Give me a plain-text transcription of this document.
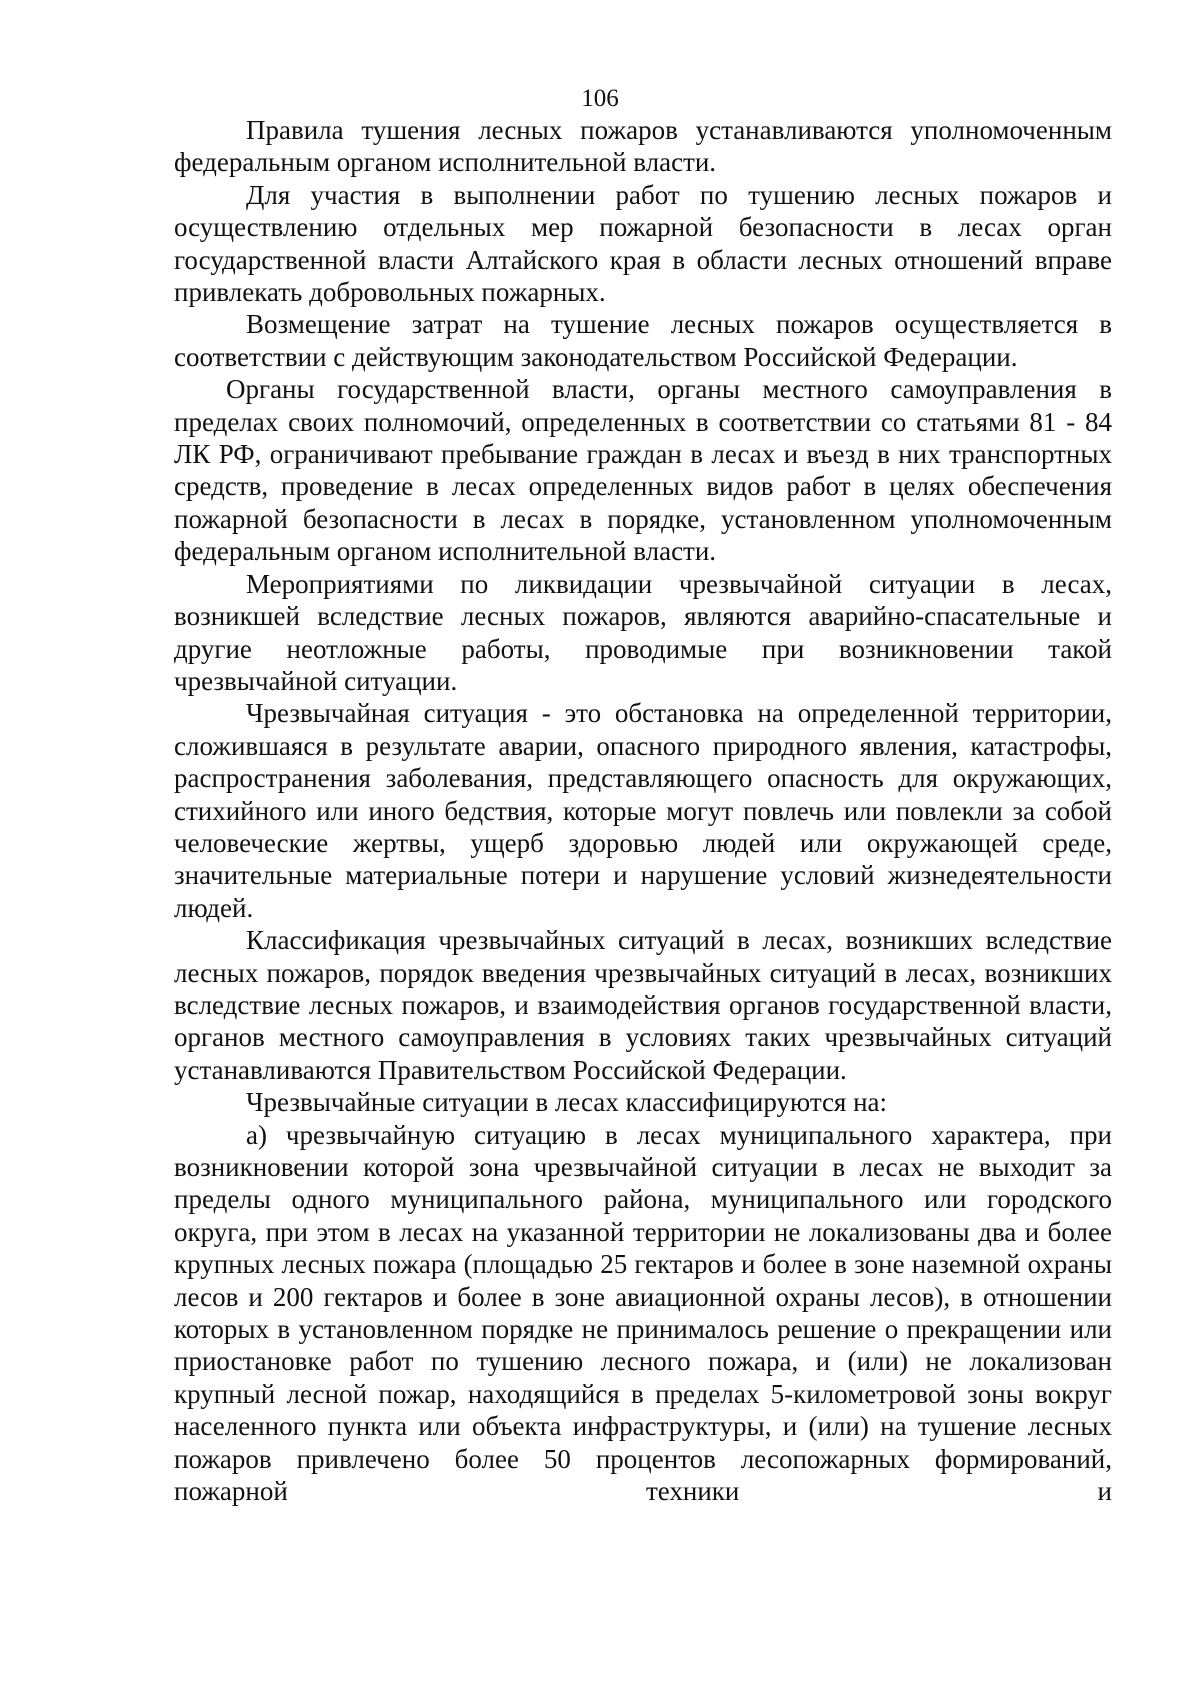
106

Правила тушения лесных пожаров устанавливаются уполномоченным федеральным органом исполнительной власти.

Для участия в выполнении работ по тушению лесных пожаров и осуществлению отдельных мер пожарной безопасности в лесах орган государственной власти Алтайского края в области лесных отношений вправе привлекать добровольных пожарных.

Возмещение затрат на тушение лесных пожаров осуществляется в соответствии с действующим законодательством Российской Федерации.

Органы государственной власти, органы местного самоуправления в пределах своих полномочий, определенных в соответствии со статьями 81 - 84 ЛК РФ, ограничивают пребывание граждан в лесах и въезд в них транспортных средств, проведение в лесах определенных видов работ в целях обеспечения пожарной безопасности в лесах в порядке, установленном уполномоченным федеральным органом исполнительной власти.

Мероприятиями по ликвидации чрезвычайной ситуации в лесах, возникшей вследствие лесных пожаров, являются аварийно-спасательные и другие неотложные работы, проводимые при возникновении такой чрезвычайной ситуации.

Чрезвычайная ситуация - это обстановка на определенной территории, сложившаяся в результате аварии, опасного природного явления, катастрофы, распространения заболевания, представляющего опасность для окружающих, стихийного или иного бедствия, которые могут повлечь или повлекли за собой человеческие жертвы, ущерб здоровью людей или окружающей среде, значительные материальные потери и нарушение условий жизнедеятельности людей.

Классификация чрезвычайных ситуаций в лесах, возникших вследствие лесных пожаров, порядок введения чрезвычайных ситуаций в лесах, возникших вследствие лесных пожаров, и взаимодействия органов государственной власти, органов местного самоуправления в условиях таких чрезвычайных ситуаций устанавливаются Правительством Российской Федерации.

Чрезвычайные ситуации в лесах классифицируются на:

а) чрезвычайную ситуацию в лесах муниципального характера, при возникновении которой зона чрезвычайной ситуации в лесах не выходит за пределы одного муниципального района, муниципального или городского округа, при этом в лесах на указанной территории не локализованы два и более крупных лесных пожара (площадью 25 гектаров и более в зоне наземной охраны лесов и 200 гектаров и более в зоне авиационной охраны лесов), в отношении которых в установленном порядке не принималось решение о прекращении или приостановке работ по тушению лесного пожара, и (или) не локализован крупный лесной пожар, находящийся в пределах 5-километровой зоны вокруг населенного пункта или объекта инфраструктуры, и (или) на тушение лесных пожаров привлечено более 50 процентов лесопожарных формирований, пожарной техники и
